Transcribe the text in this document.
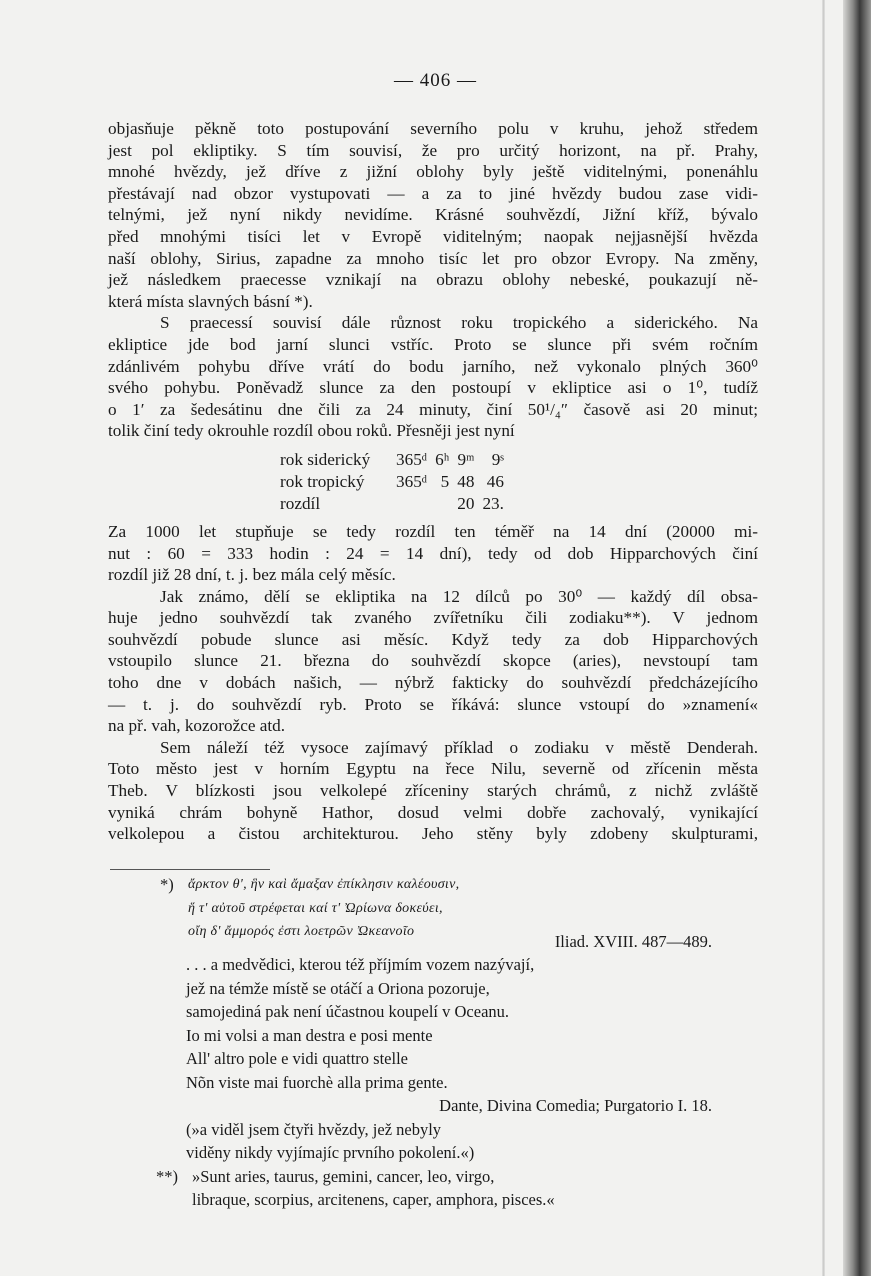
— 406 —

objasňuje pěkně toto postupování severního polu v kruhu, jehož středem
jest pol ekliptiky. S tím souvisí, že pro určitý horizont, na př. Prahy,
mnohé hvězdy, jež dříve z jižní oblohy byly ještě viditelnými, ponenáhlu
přestávají nad obzor vystupovati — a za to jiné hvězdy budou zase vidi-
telnými, jež nyní nikdy nevidíme. Krásné souhvězdí, Jižní kříž, bývalo
před mnohými tisíci let v Evropě viditelným; naopak nejjasnější hvězda
naší oblohy, Sirius, zapadne za mnoho tisíc let pro obzor Evropy. Na změny,
jež následkem praecesse vznikají na obrazu oblohy nebeské, poukazují ně-
která místa slavných básní *).

S praecessí souvisí dále různost roku tropického a siderického. Na
ekliptice jde bod jarní slunci vstříc. Proto se slunce při svém ročním
zdánlivém pohybu dříve vrátí do bodu jarního, než vykonalo plných 360⁰
svého pohybu. Poněvadž slunce za den postoupí v ekliptice asi o 1⁰, tudíž
o 1′ za šedesátinu dne čili za 24 minuty, činí 50¹/₄″ časově asi 20 minut;
tolik činí tedy okrouhle rozdíl obou roků. Přesněji jest nyní

rok siderický	365ᵈ	6ʰ	9ᵐ	9ˢ
rok tropický	365ᵈ	5	48	46
rozdíl			20	23.

Za 1000 let stupňuje se tedy rozdíl ten téměř na 14 dní (20000 mi-
nut : 60 = 333 hodin : 24 = 14 dní), tedy od dob Hipparchových činí
rozdíl již 28 dní, t. j. bez mála celý měsíc.

Jak známo, dělí se ekliptika na 12 dílců po 30⁰ — každý díl obsa-
huje jedno souhvězdí tak zvaného zvířetníku čili zodiaku**). V jednom
souhvězdí pobude slunce asi měsíc. Když tedy za dob Hipparchových
vstoupilo slunce 21. března do souhvězdí skopce (aries), nevstoupí tam
toho dne v dobách našich, — nýbrž fakticky do souhvězdí předcházejícího
— t. j. do souhvězdí ryb. Proto se říkává: slunce vstoupí do »znamení«
na př. vah, kozorožce atd.

Sem náleží též vysoce zajímavý příklad o zodiaku v městě Denderah.
Toto město jest v horním Egyptu na řece Nilu, severně od zřícenin města
Theb. V blízkosti jsou velkolepé zříceniny starých chrámů, z nichž zvláště
vyniká chrám bohyně Hathor, dosud velmi dobře zachovalý, vynikající
velkolepou a čistou architekturou. Jeho stěny byly zdobeny skulpturami,

*)	ἄρκτον θ', ἣν καὶ ἄμαξαν ἐπίκλησιν καλέουσιν,
ἥ τ' αὐτοῦ στρέφεται καί τ' Ὠρίωνα δοκεύει,
οἴη δ' ἄμμορός ἐστι λοετρῶν Ὠκεανοῖο	Iliad. XVIII. 487—489.
. . . a medvědici, kterou též příjmím vozem nazývají,
jež na témže místě se otáčí a Oriona pozoruje,
samojediná pak není účastnou koupelí v Oceanu.
Io mi volsi a man destra e posi mente
All' altro pole e vidi quattro stelle
Nõn viste mai fuorchè alla prima gente.
Dante, Divina Comedia; Purgatorio I. 18.
(»a viděl jsem čtyři hvězdy, jež nebyly
viděny nikdy vyjímajíc prvního pokolení.«)
**) »Sunt aries, taurus, gemini, cancer, leo, virgo,
libraque, scorpius, arcitenens, caper, amphora, pisces.«
